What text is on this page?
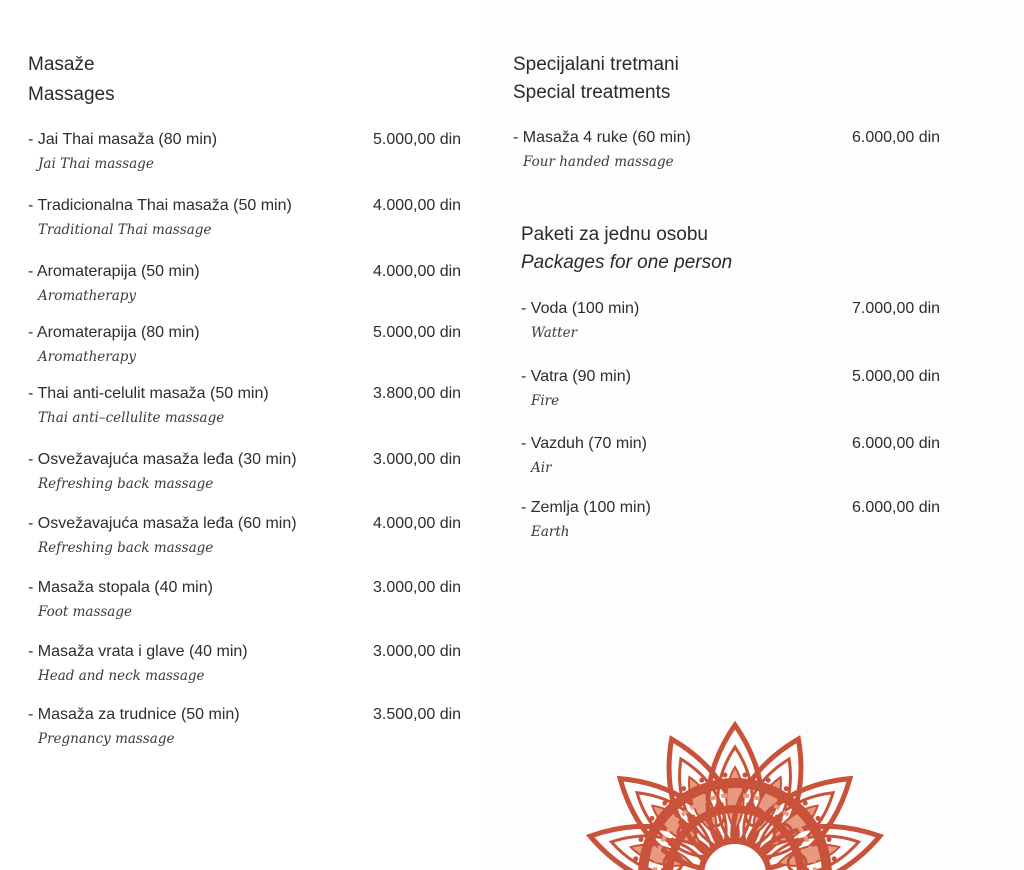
Masaže
Massages
- Jai Thai masaža (80 min)
Jai Thai massage
5.000,00 din
- Tradicionalna Thai masaža (50 min)
Traditional Thai massage
4.000,00 din
- Aromaterapija (50 min)
Aromatherapy
4.000,00 din
- Aromaterapija (80 min)
Aromatherapy
5.000,00 din
- Thai anti-celulit masaža (50 min)
Thai anti–cellulite massage
3.800,00 din
- Osvežavajuća masaža leđa (30 min)
Refreshing back massage
3.000,00 din
- Osvežavajuća masaža leđa (60 min)
Refreshing back massage
4.000,00 din
- Masaža stopala (40 min)
Foot massage
3.000,00 din
- Masaža vrata i glave (40 min)
Head and neck massage
3.000,00 din
- Masaža za trudnice (50 min)
Pregnancy massage
3.500,00 din
Specijalani tretmani
Special treatments
- Masaža 4 ruke (60 min)
Four handed massage
6.000,00 din
Paketi za jednu osobu
Packages for one person
- Voda (100 min)
Watter
7.000,00 din
- Vatra (90 min)
Fire
5.000,00 din
- Vazduh (70 min)
Air
6.000,00 din
- Zemlja (100 min)
Earth
6.000,00 din
